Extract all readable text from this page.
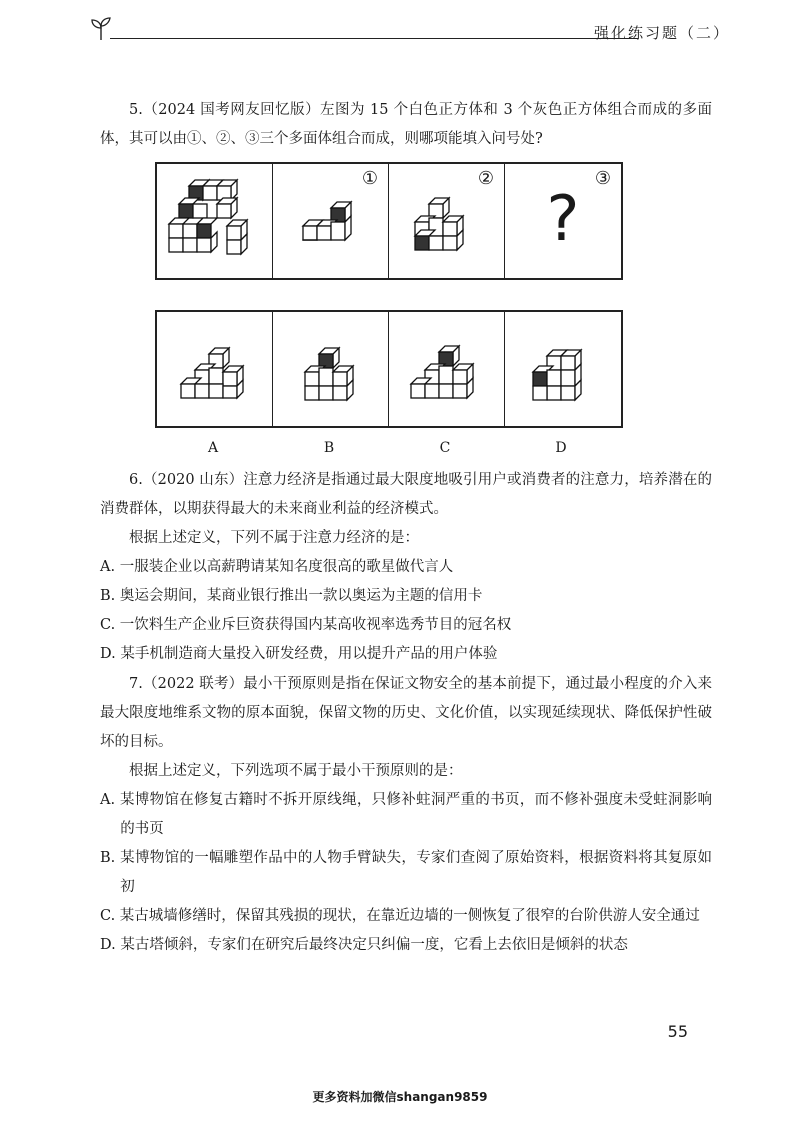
强化练习题（二）

5.（2024 国考网友回忆版）左图为 15 个白色正方体和 3 个灰色正方体组合而成的多面体，其可以由①、②、③三个多面体组合而成，则哪项能填入问号处?

①	②	③
?
A	B	C	D

6.（2020 山东）注意力经济是指通过最大限度地吸引用户或消费者的注意力，培养潜在的消费群体，以期获得最大的未来商业利益的经济模式。

根据上述定义，下列不属于注意力经济的是：

A. 一服装企业以高薪聘请某知名度很高的歌星做代言人

B. 奥运会期间，某商业银行推出一款以奥运为主题的信用卡

C. 一饮料生产企业斥巨资获得国内某高收视率选秀节目的冠名权

D. 某手机制造商大量投入研发经费，用以提升产品的用户体验

7.（2022 联考）最小干预原则是指在保证文物安全的基本前提下，通过最小程度的介入来最大限度地维系文物的原本面貌，保留文物的历史、文化价值，以实现延续现状、降低保护性破坏的目标。

根据上述定义，下列选项不属于最小干预原则的是：

A. 某博物馆在修复古籍时不拆开原线绳，只修补蛀洞严重的书页，而不修补强度未受蛀洞影响的书页

B. 某博物馆的一幅雕塑作品中的人物手臂缺失，专家们查阅了原始资料，根据资料将其复原如初

C. 某古城墙修缮时，保留其残损的现状，在靠近边墙的一侧恢复了很窄的台阶供游人安全通过

D. 某古塔倾斜，专家们在研究后最终决定只纠偏一度，它看上去依旧是倾斜的状态

55
更多资料加微信shangan9859
